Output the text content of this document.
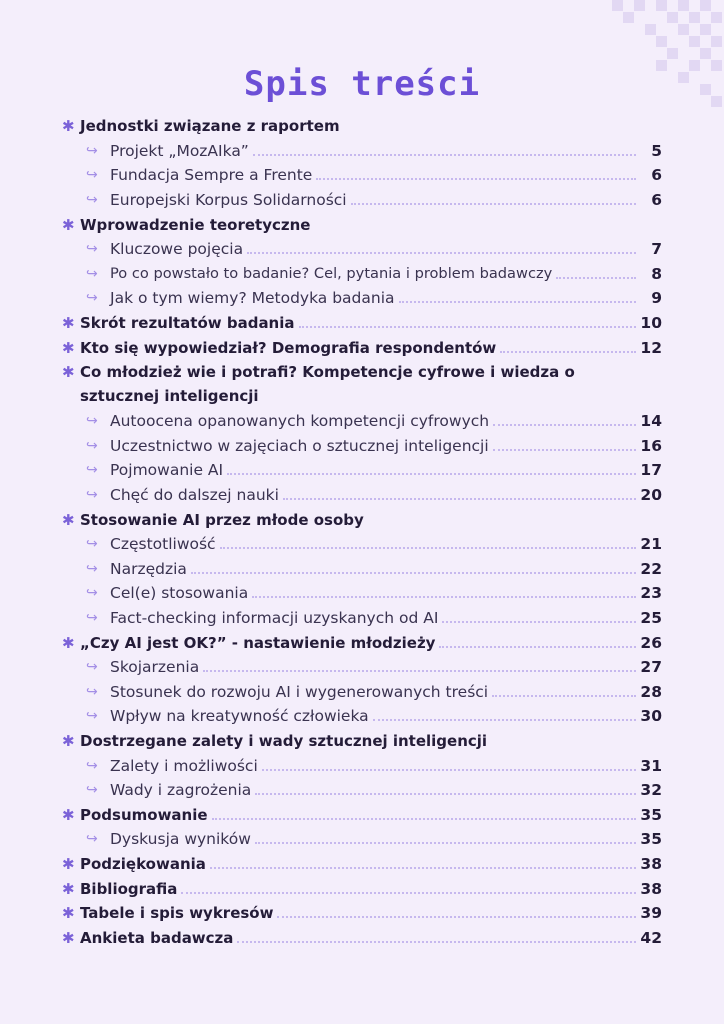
Spis treści
✱ Jednostki związane z raportem
↪ Projekt „MozAIka”	5
↪ Fundacja Sempre a Frente	6
↪ Europejski Korpus Solidarności	6
✱ Wprowadzenie teoretyczne
↪ Kluczowe pojęcia	7
↪ Po co powstało to badanie? Cel, pytania i problem badawczy	8
↪ Jak o tym wiemy? Metodyka badania	9
✱ Skrót rezultatów badania	10
✱ Kto się wypowiedział? Demografia respondentów	12
✱ Co młodzież wie i potrafi? Kompetencje cyfrowe i wiedza o sztucznej inteligencji
↪ Autoocena opanowanych kompetencji cyfrowych	14
↪ Uczestnictwo w zajęciach o sztucznej inteligencji	16
↪ Pojmowanie AI	17
↪ Chęć do dalszej nauki	20
✱ Stosowanie AI przez młode osoby
↪ Częstotliwość	21
↪ Narzędzia	22
↪ Cel(e) stosowania	23
↪ Fact-checking informacji uzyskanych od AI	25
✱ „Czy AI jest OK?” - nastawienie młodzieży	26
↪ Skojarzenia	27
↪ Stosunek do rozwoju AI i wygenerowanych treści	28
↪ Wpływ na kreatywność człowieka	30
✱ Dostrzegane zalety i wady sztucznej inteligencji
↪ Zalety i możliwości	31
↪ Wady i zagrożenia	32
✱ Podsumowanie	35
↪ Dyskusja wyników	35
✱ Podziękowania	38
✱ Bibliografia	38
✱ Tabele i spis wykresów	39
✱ Ankieta badawcza	42
